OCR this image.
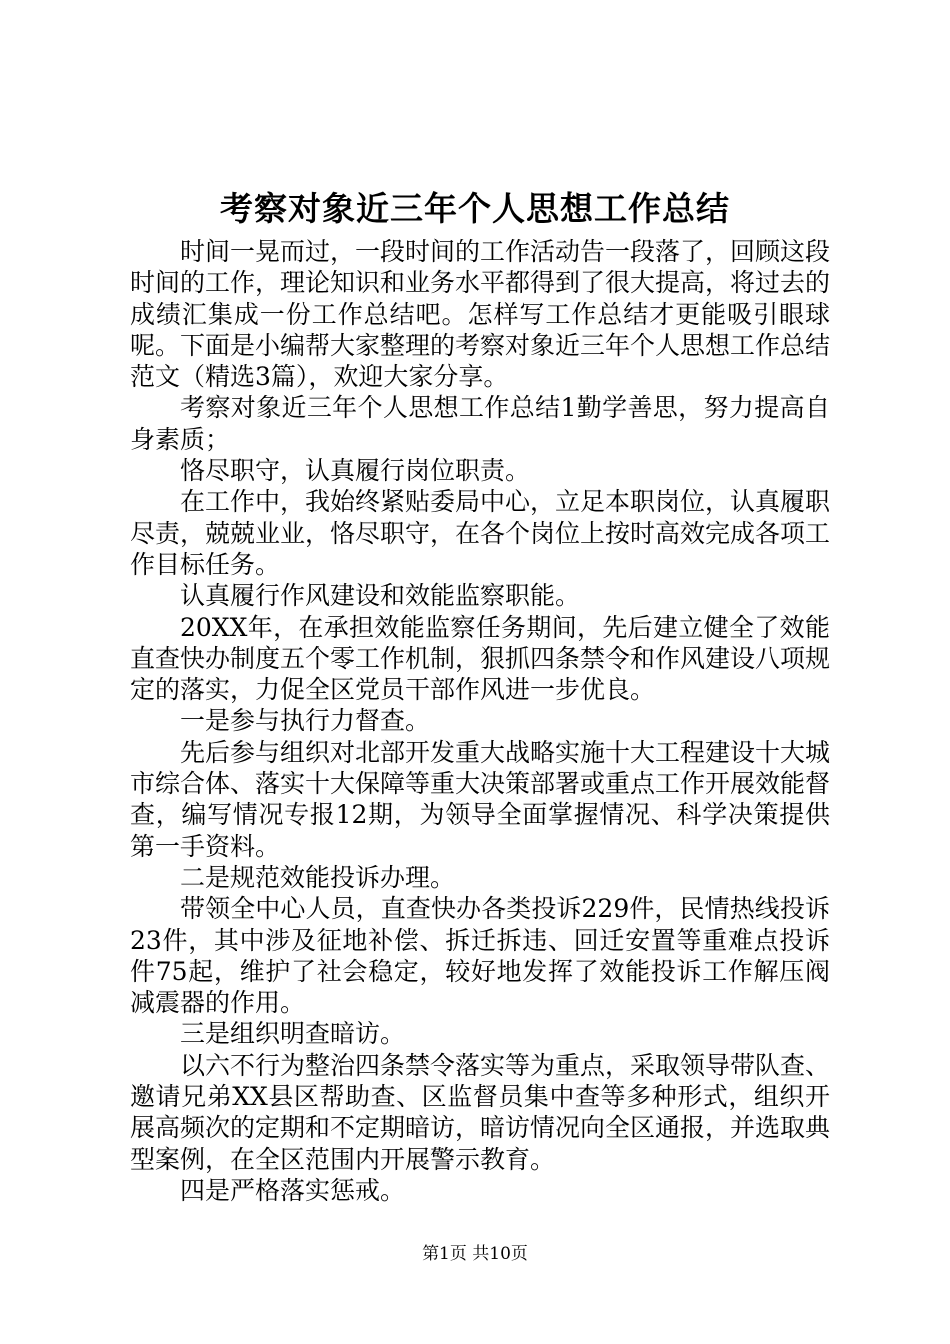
考察对象近三年个人思想工作总结

时间一晃而过，一段时间的工作活动告一段落了，回顾这段时间的工作，理论知识和业务水平都得到了很大提高，将过去的成绩汇集成一份工作总结吧。怎样写工作总结才更能吸引眼球呢。下面是小编帮大家整理的考察对象近三年个人思想工作总结范文（精选3篇），欢迎大家分享。

考察对象近三年个人思想工作总结1勤学善思，努力提高自身素质；

恪尽职守，认真履行岗位职责。

在工作中，我始终紧贴委局中心，立足本职岗位，认真履职尽责，兢兢业业，恪尽职守，在各个岗位上按时高效完成各项工作目标任务。

认真履行作风建设和效能监察职能。

20XX年，在承担效能监察任务期间，先后建立健全了效能直查快办制度五个零工作机制，狠抓四条禁令和作风建设八项规定的落实，力促全区党员干部作风进一步优良。

一是参与执行力督查。

先后参与组织对北部开发重大战略实施十大工程建设十大城市综合体、落实十大保障等重大决策部署或重点工作开展效能督查，编写情况专报12期，为领导全面掌握情况、科学决策提供第一手资料。

二是规范效能投诉办理。

带领全中心人员，直查快办各类投诉229件，民情热线投诉23件，其中涉及征地补偿、拆迁拆违、回迁安置等重难点投诉件75起，维护了社会稳定，较好地发挥了效能投诉工作解压阀减震器的作用。

三是组织明查暗访。

以六不行为整治四条禁令落实等为重点，采取领导带队查、邀请兄弟XX县区帮助查、区监督员集中查等多种形式，组织开展高频次的定期和不定期暗访，暗访情况向全区通报，并选取典型案例，在全区范围内开展警示教育。

四是严格落实惩戒。

第1页 共10页
